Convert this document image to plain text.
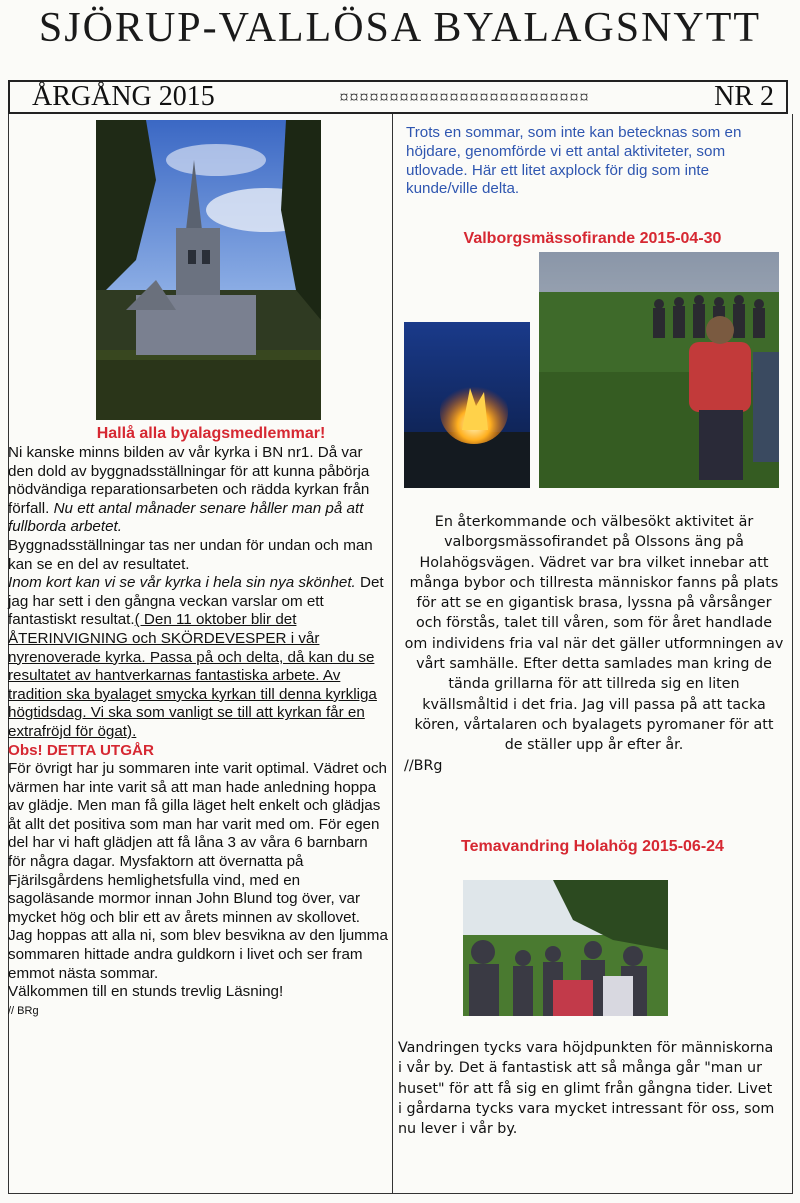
SJÖRUP-VALLÖSA BYALAGSNYTT
ÅRGÅNG 2015	¤¤¤¤¤¤¤¤¤¤¤¤¤¤¤¤¤¤¤¤¤¤¤¤¤	NR 2
Hallå alla byalagsmedlemmar!

Ni kanske minns bilden av vår kyrka i BN nr1. Då var den dold av byggnadsställningar för att kunna påbörja nödvändiga reparationsarbeten och rädda kyrkan från förfall. Nu ett antal månader senare håller man på att fullborda arbetet.

Byggnadsställningar tas ner undan för undan och man kan se en del av resultatet.

Inom kort kan vi se vår kyrka i hela sin nya skönhet. Det jag har sett i den gångna veckan varslar om ett fantastiskt resultat.( Den 11 oktober blir det ÅTERINVIGNING och SKÖRDEVESPER i vår nyrenoverade kyrka. Passa på och delta, då kan du se resultatet av hantverkarnas fantastiska arbete. Av tradition ska byalaget smycka kyrkan till denna kyrkliga högtidsdag. Vi ska som vanligt se till att kyrkan får en extrafröjd för ögat).

Obs! DETTA UTGÅR

För övrigt har ju sommaren inte varit optimal. Vädret och värmen har inte varit så att man hade anledning hoppa av glädje. Men man få gilla läget helt enkelt och glädjas åt allt det positiva som man har varit med om. För egen del har vi haft glädjen att få låna 3 av våra 6 barnbarn för några dagar. Mysfaktorn att övernatta på Fjärilsgårdens hemlighetsfulla vind, med en sagoläsande mormor innan John Blund tog över, var mycket hög och blir ett av årets minnen av skollovet. Jag hoppas att alla ni, som blev besvikna av den ljumma sommaren hittade andra guldkorn i livet och ser fram emmot nästa sommar.

Välkommen till en stunds trevlig Läsning!

// BRg

Trots en sommar, som inte kan betecknas som en höjdare, genomförde vi ett antal aktiviteter, som utlovade. Här ett litet axplock för dig som inte kunde/ville delta.
Valborgsmässofirande 2015-04-30
En återkommande och välbesökt aktivitet är valborgsmässofirandet på Olssons äng på Holahögsvägen. Vädret var bra vilket innebar att många bybor och tillresta människor fanns på plats för att se en gigantisk brasa, lyssna på vårsånger och förstås, talet till våren, som för året handlade om individens fria val när det gäller utformningen av vårt samhälle. Efter detta samlades man kring de tända grillarna för att tillreda sig en liten kvällsmåltid i det fria. Jag vill passa på att tacka kören, vårtalaren och byalagets pyromaner för att de ställer upp år efter år.
//BRg
Temavandring Holahög 2015-06-24
Vandringen tycks vara höjdpunkten för människorna i vår by. Det ä fantastisk att så många går "man ur huset" för att få sig en glimt från gångna tider. Livet i gårdarna tycks vara mycket intressant för oss, som nu lever i vår by.
